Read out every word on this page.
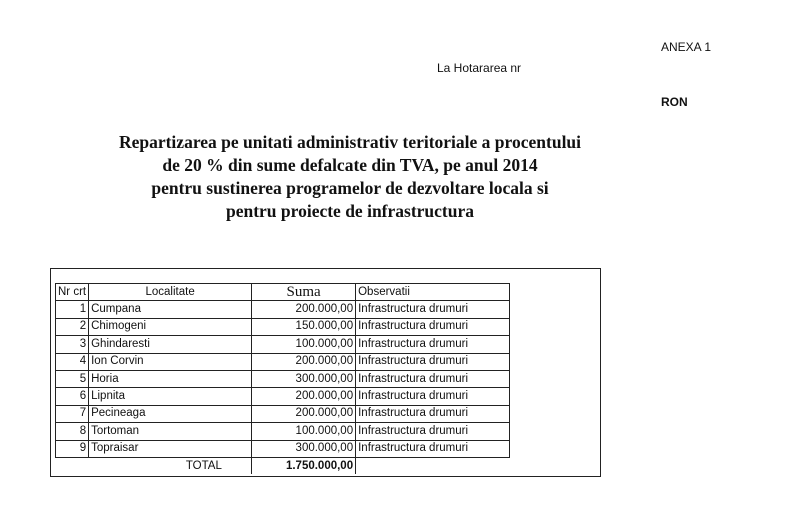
ANEXA 1
La Hotararea nr
RON
Repartizarea pe unitati administrativ teritoriale a procentului
de 20 % din sume defalcate din TVA, pe anul 2014
pentru sustinerea programelor de dezvoltare locala si
pentru proiecte de infrastructura
Nr crt	Localitate	Suma	Observatii
1	Cumpana	200.000,00	Infrastructura drumuri
2	Chimogeni	150.000,00	Infrastructura drumuri
3	Ghindaresti	100.000,00	Infrastructura drumuri
4	Ion Corvin	200.000,00	Infrastructura drumuri
5	Horia	300.000,00	Infrastructura drumuri
6	Lipnita	200.000,00	Infrastructura drumuri
7	Pecineaga	200.000,00	Infrastructura drumuri
8	Tortoman	100.000,00	Infrastructura drumuri
9	Topraisar	300.000,00	Infrastructura drumuri
	TOTAL	1.750.000,00	
